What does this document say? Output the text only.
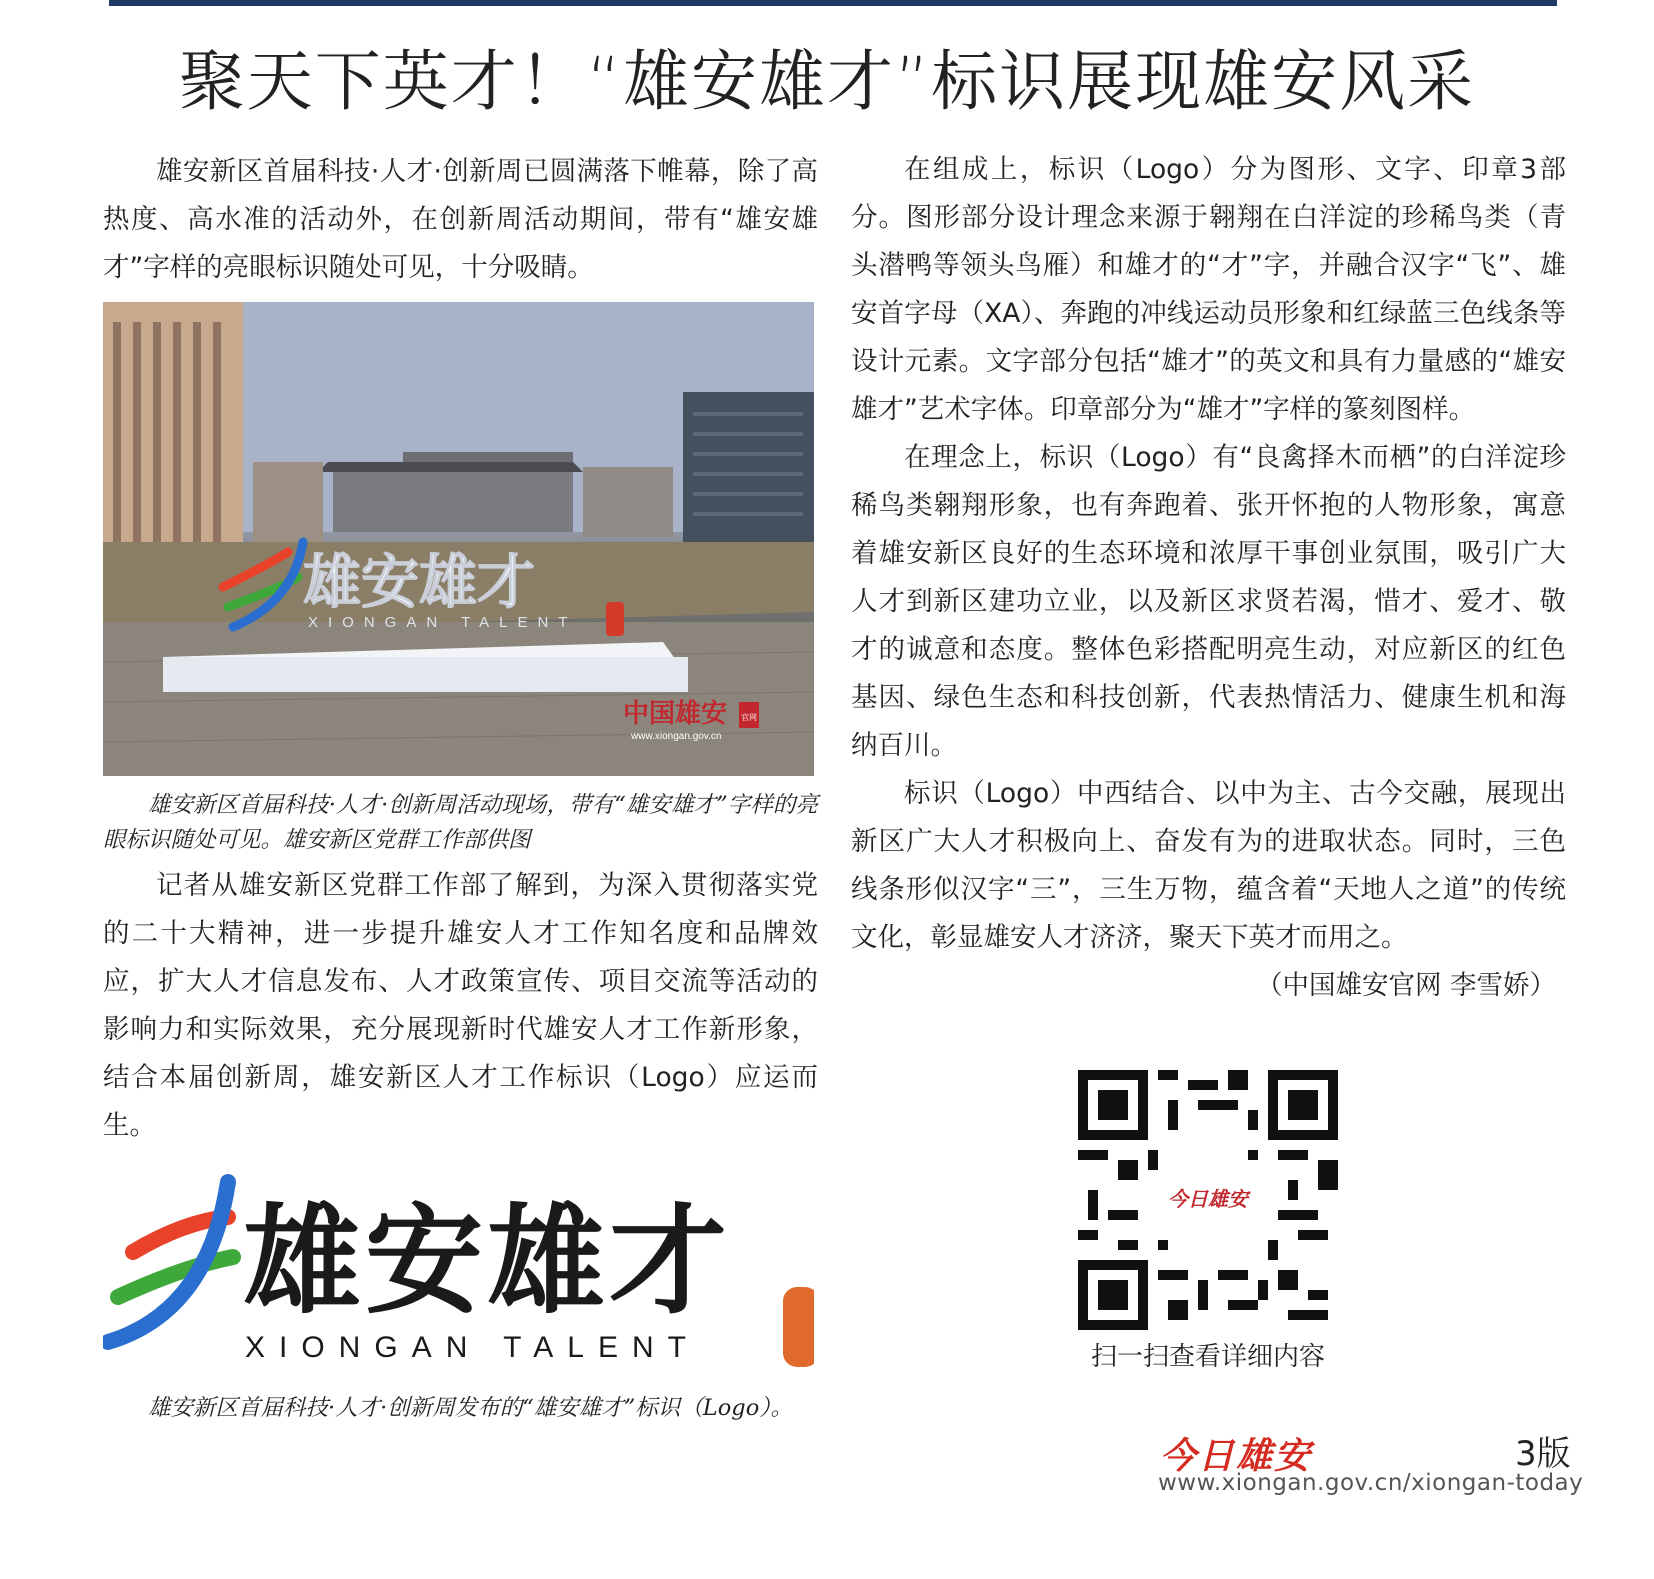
聚天下英才！“雄安雄才”标识展现雄安风采

雄安新区首届科技·人才·创新周已圆满落下帷幕，除了高热度、高水准的活动外，在创新周活动期间，带有“雄安雄才”字样的亮眼标识随处可见，十分吸睛。

雄安雄才
XIONGAN TALENT
中国雄安 官网
www.xiongan.gov.cn

雄安新区首届科技·人才·创新周活动现场，带有“雄安雄才”字样的亮眼标识随处可见。雄安新区党群工作部供图

记者从雄安新区党群工作部了解到，为深入贯彻落实党的二十大精神，进一步提升雄安人才工作知名度和品牌效应，扩大人才信息发布、人才政策宣传、项目交流等活动的影响力和实际效果，充分展现新时代雄安人才工作新形象，结合本届创新周，雄安新区人才工作标识（Logo）应运而生。

雄安雄才
XIONGAN TALENT

雄安新区首届科技·人才·创新周发布的“雄安雄才”标识（Logo）。

在组成上，标识（Logo）分为图形、文字、印章3部分。图形部分设计理念来源于翱翔在白洋淀的珍稀鸟类（青头潜鸭等领头鸟雁）和雄才的“才”字，并融合汉字“飞”、雄安首字母（XA）、奔跑的冲线运动员形象和红绿蓝三色线条等设计元素。文字部分包括“雄才”的英文和具有力量感的“雄安雄才”艺术字体。印章部分为“雄才”字样的篆刻图样。

在理念上，标识（Logo）有“良禽择木而栖”的白洋淀珍稀鸟类翱翔形象，也有奔跑着、张开怀抱的人物形象，寓意着雄安新区良好的生态环境和浓厚干事创业氛围，吸引广大人才到新区建功立业，以及新区求贤若渴，惜才、爱才、敬才的诚意和态度。整体色彩搭配明亮生动，对应新区的红色基因、绿色生态和科技创新，代表热情活力、健康生机和海纳百川。

标识（Logo）中西结合、以中为主、古今交融，展现出新区广大人才积极向上、奋发有为的进取状态。同时，三色线条形似汉字“三”，三生万物，蕴含着“天地人之道”的传统文化，彰显雄安人才济济，聚天下英才而用之。

（中国雄安官网 李雪娇）

今日雄安
扫一扫查看详细内容
今日雄安	3版
www.xiongan.gov.cn/xiongan-today
